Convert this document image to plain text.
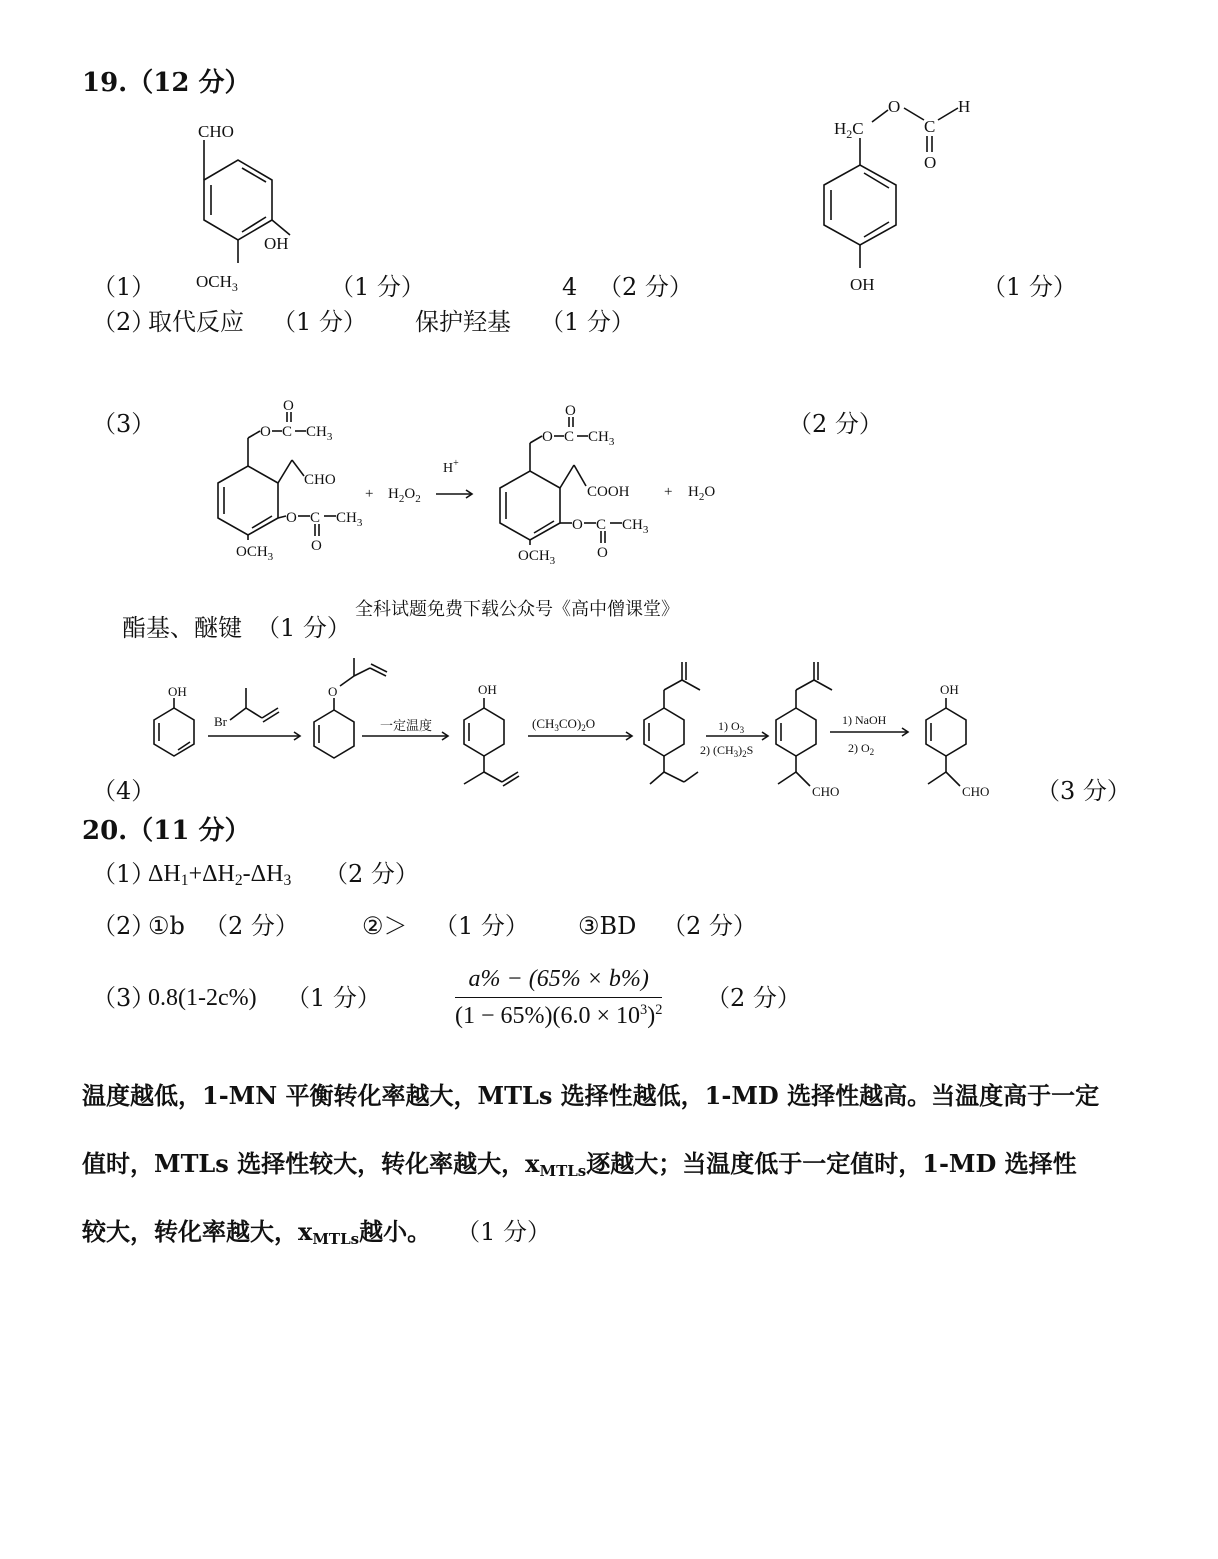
19.（12 分）
CHO
OH
$OCH_3$
（1）	（1 分）	4 （2 分）
$H_2C$
O
C
H
O
OH	（1 分）
（2）
取代反应 （1 分） 保护羟基 （1 分）
（3）	O C
O
$CH_3$
CHO
O C
O
$CH_3$
$OCH_3$
+ $H_2O_2$
H+
O C
O
$CH_3$
COOH
O C
O
$CH_3$
$OCH_3$
+ $H_2O$
（2 分）
全科试题免费下载公众号《高中僧课堂》
酯基、醚键 （1 分）
OH
Br
O
一定温度
OH
$(CH_3CO)_2O$	1) $O_3$
2) $(CH_3)_2S$
CHO
1) NaOH
2) $O_2$
OH
CHO
（4）	（3 分）
20.（11 分）
（1）
$\Delta H_1+\Delta H_2-\Delta H_3$ （2 分）
（2）
①b （2 分）	②＞ （1 分） ③BD （2 分）
（3）
0.8(1-2c%) （1 分）	$\frac{a\% - (65\% \times b\%)}{(1 - 65\%)(6.0 \times 10^3)^2} (2$ 分）
温度越低，1-MN 平衡转化率越大，MTLs 选择性越低，1-MD 选择性越高。当温度高于一定
值时，MTLs 选择性较大，转化率越大，$x_{MTLs}$逐越大；当温度低于一定值时，1-MD 选择性
较大，转化率越大，$x_{MTLs}$越小。 （1 分）
